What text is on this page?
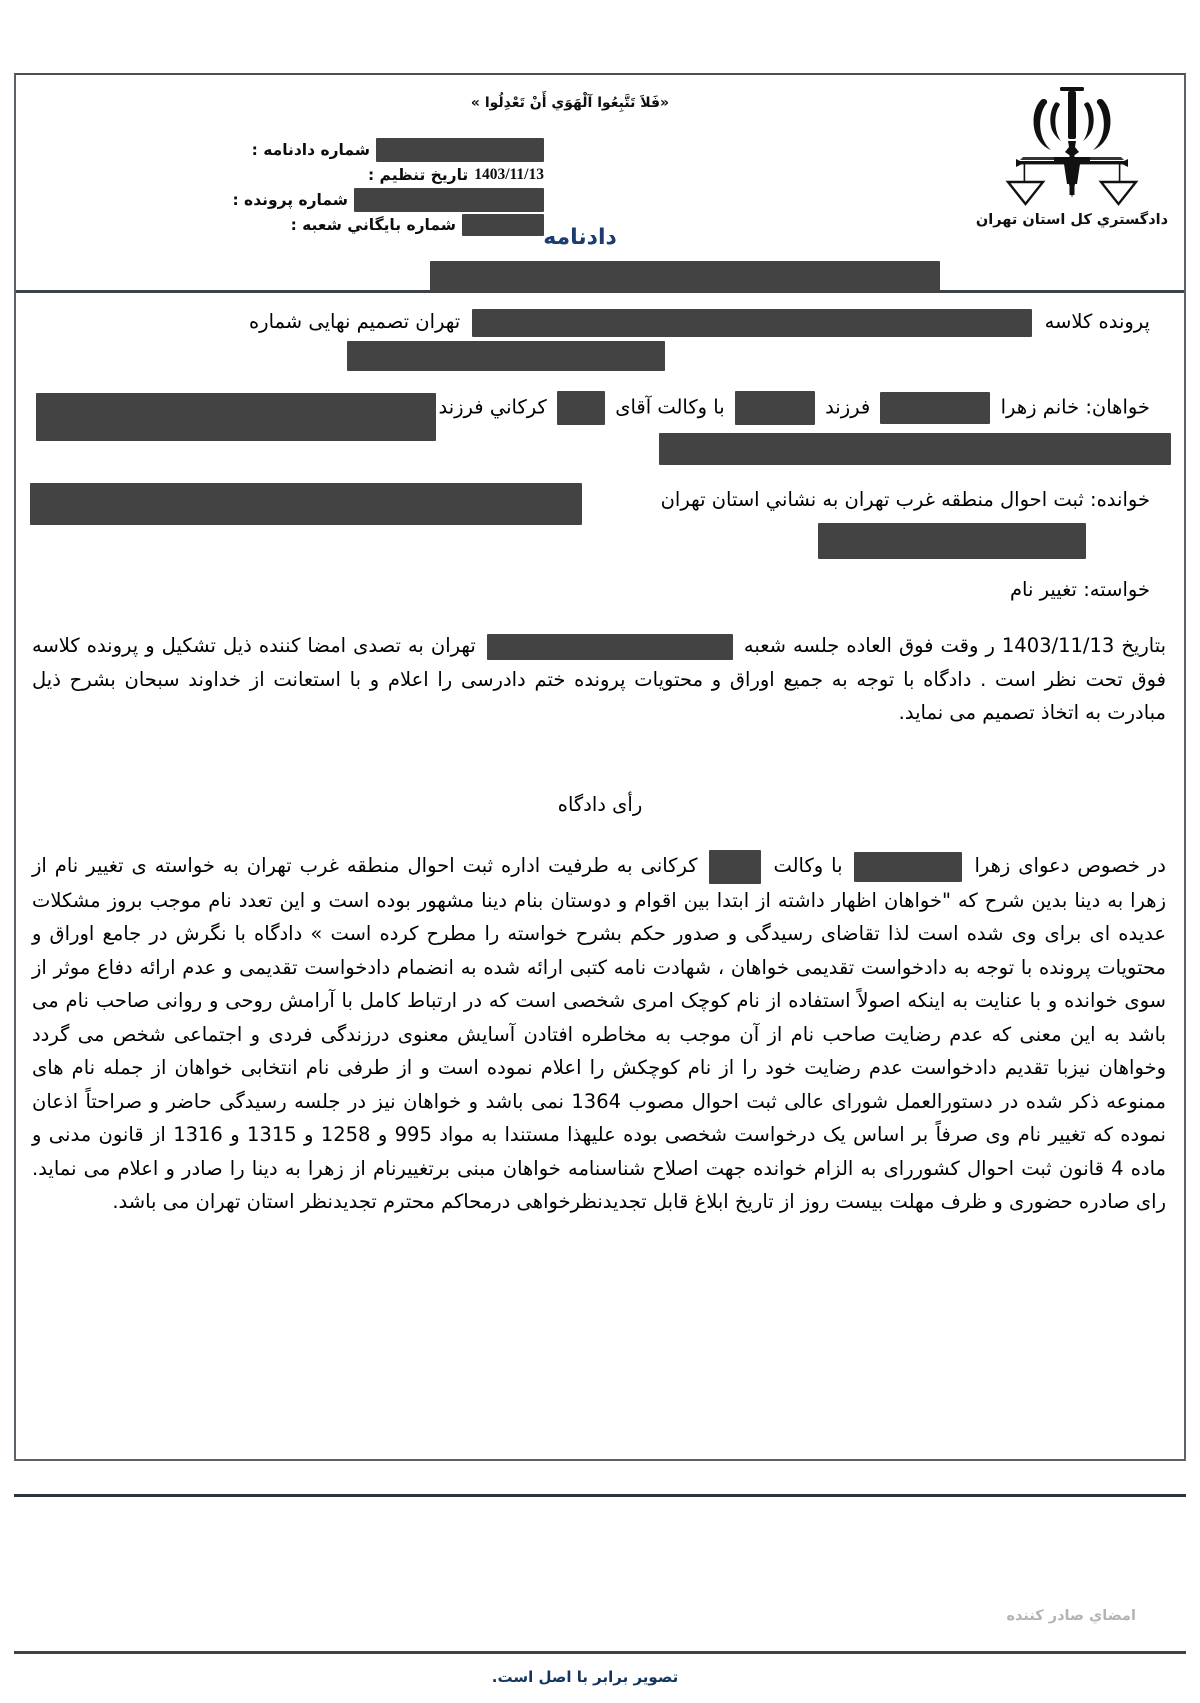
«فَلاَ تَتَّبِعُوا آلْهَوَي أَنْ تَعْدِلُوا »
دادگستري كل استان تهران
شماره دادنامه :
تاريخ تنظيم : 1403/11/13
شماره پرونده :
شماره بايگاني شعبه :
دادنامه
پرونده کلاسه  تهران تصمیم نهایی شماره
خواهان: خانم زهرا  فرزند  با وکالت آقای  کرکاني فرزند
خوانده: ثبت احوال منطقه غرب تهران به نشاني استان تهران
خواسته: تغییر نام
بتاریخ 1403/11/13 ر وقت فوق العاده جلسه شعبه  تهران به تصدی امضا کننده ذیل تشکیل و پرونده کلاسه فوق تحت نظر است . دادگاه با توجه به جمیع اوراق و محتویات پرونده ختم دادرسی را اعلام و با استعانت از خداوند سبحان بشرح ذیل مبادرت به اتخاذ تصمیم می نماید.
رأی دادگاه
در خصوص دعوای زهرا  با وکالت  کرکانی به طرفیت اداره ثبت احوال منطقه غرب تهران به خواسته ی تغییر نام از زهرا به دینا بدین شرح که "خواهان اظهار داشته از ابتدا بین اقوام و دوستان بنام دینا مشهور بوده است و این تعدد نام موجب بروز مشکلات عدیده ای برای وی شده است لذا تقاضای رسیدگی و صدور حکم بشرح خواسته را مطرح کرده است » دادگاه با نگرش در جامع اوراق و محتویات پرونده با توجه به دادخواست تقدیمی خواهان ، شهادت نامه کتبی ارائه شده به انضمام دادخواست تقدیمی و عدم ارائه دفاع موثر از سوی خوانده و با عنایت به اینکه اصولاً استفاده از نام کوچک امری شخصی است که در ارتباط کامل با آرامش روحی و روانی صاحب نام می باشد به این معنی که عدم رضایت صاحب نام از آن موجب به مخاطره افتادن آسایش معنوی درزندگی فردی و اجتماعی شخص می گردد وخواهان نیزبا تقدیم دادخواست عدم رضایت خود را از نام کوچکش را اعلام نموده است و از طرفی نام انتخابی خواهان از جمله نام های ممنوعه ذکر شده در دستورالعمل شورای عالی ثبت احوال مصوب 1364 نمی باشد و خواهان نیز در جلسه رسیدگی حاضر و صراحتاً اذعان نموده که تغییر نام وی صرفاً بر اساس یک درخواست شخصی بوده علیهذا مستندا به مواد 995 و 1258 و 1315 و 1316 از قانون مدنی و ماده 4 قانون ثبت احوال کشوررای به الزام خوانده جهت اصلاح شناسنامه خواهان مبنی برتغییرنام از زهرا به دینا را صادر و اعلام می نماید. رای صادره حضوری و ظرف مهلت بیست روز از تاریخ ابلاغ قابل تجدیدنظرخواهی درمحاکم محترم تجدیدنظر استان تهران می باشد.
امضاي صادر كننده
تصویر برابر با اصل است.
